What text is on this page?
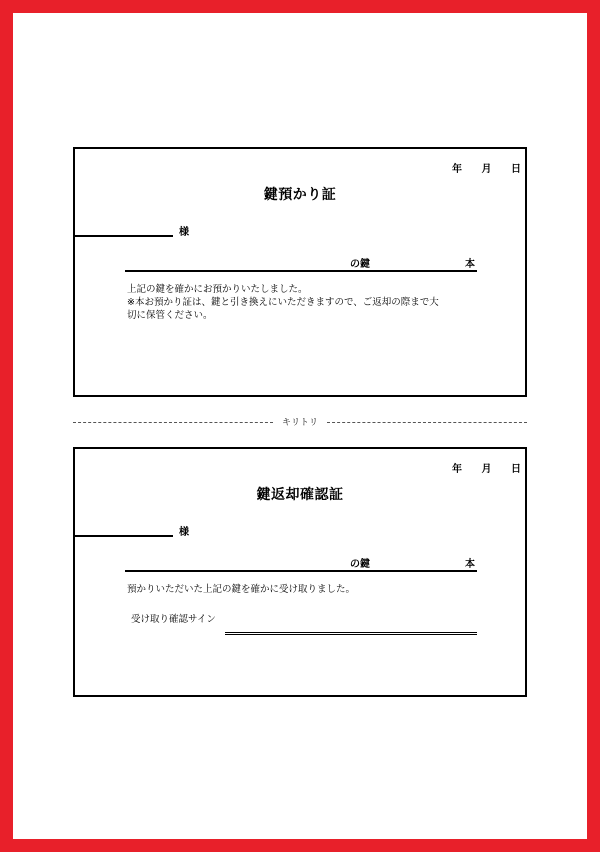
年 月 日
鍵預かり証
様
の鍵	本
上記の鍵を確かにお預かりいたしました。
※本お預かり証は、鍵と引き換えにいただきますので、ご返却の際まで大
切に保管ください。
キリトリ
年 月 日
鍵返却確認証
様
の鍵	本
預かりいただいた上記の鍵を確かに受け取りました。
受け取り確認サイン
